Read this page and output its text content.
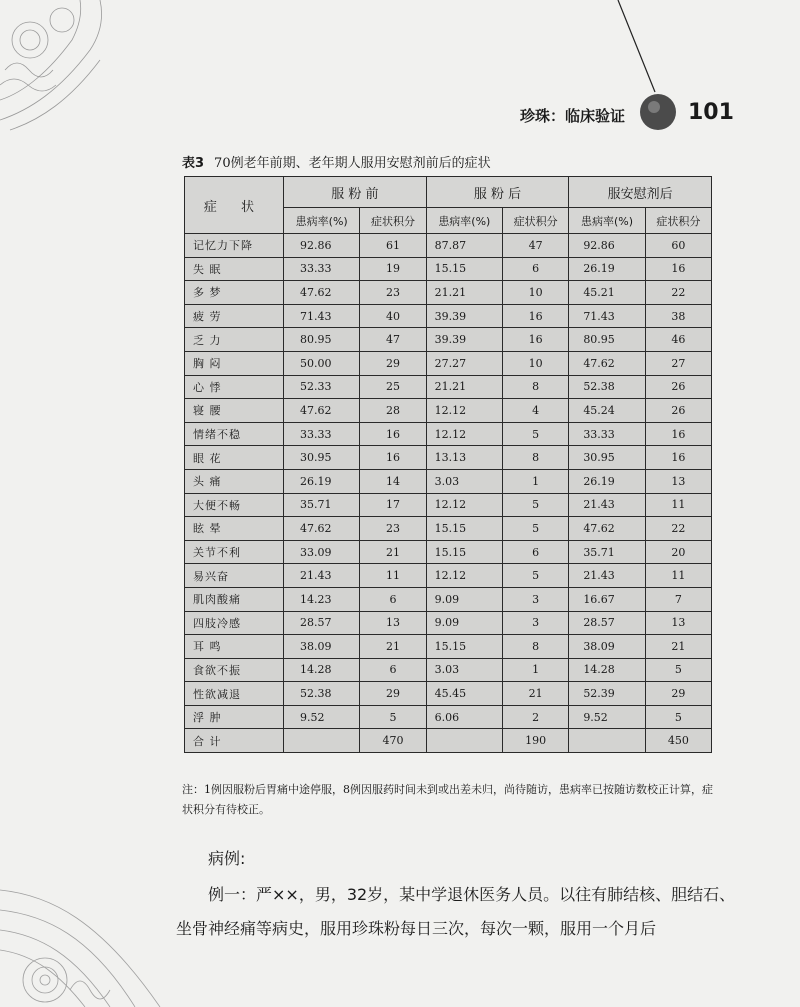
珍珠：临床验证	101
表3 70例老年前期、老年期人服用安慰剂前后的症状
症 状	服 粉 前		服 粉 后		服安慰剂后	
	患病率(%)	症状积分	患病率(%)	症状积分	患病率(%)	症状积分
记忆力下降	92.86	61	87.87	47	92.86	60
失 眠	33.33	19	15.15	6	26.19	16
多 梦	47.62	23	21.21	10	45.21	22
疲 劳	71.43	40	39.39	16	71.43	38
乏 力	80.95	47	39.39	16	80.95	46
胸 闷	50.00	29	27.27	10	47.62	27
心 悸	52.33	25	21.21	8	52.38	26
寝 腰	47.62	28	12.12	4	45.24	26
情绪不稳	33.33	16	12.12	5	33.33	16
眼 花	30.95	16	13.13	8	30.95	16
头 痛	26.19	14	3.03	1	26.19	13
大便不畅	35.71	17	12.12	5	21.43	11
眩 晕	47.62	23	15.15	5	47.62	22
关节不利	33.09	21	15.15	6	35.71	20
易兴奋	21.43	11	12.12	5	21.43	11
肌肉酸痛	14.23	6	9.09	3	16.67	7
四肢冷感	28.57	13	9.09	3	28.57	13
耳 鸣	38.09	21	15.15	8	38.09	21
食欲不振	14.28	6	3.03	1	14.28	5
性欲减退	52.38	29	45.45	21	52.39	29
浮 肿	9.52	5	6.06	2	9.52	5
合 计		470		190		450
注：1例因服粉后胃痛中途停服，8例因服药时间未到或出差未归，尚待随访，患病率已按随访数校正计算，症状积分有待校正。

病例:

例一：严××，男，32岁，某中学退休医务人员。以往有肺结核、胆结石、坐骨神经痛等病史，服用珍珠粉每日三次，每次一颗，服用一个月后
